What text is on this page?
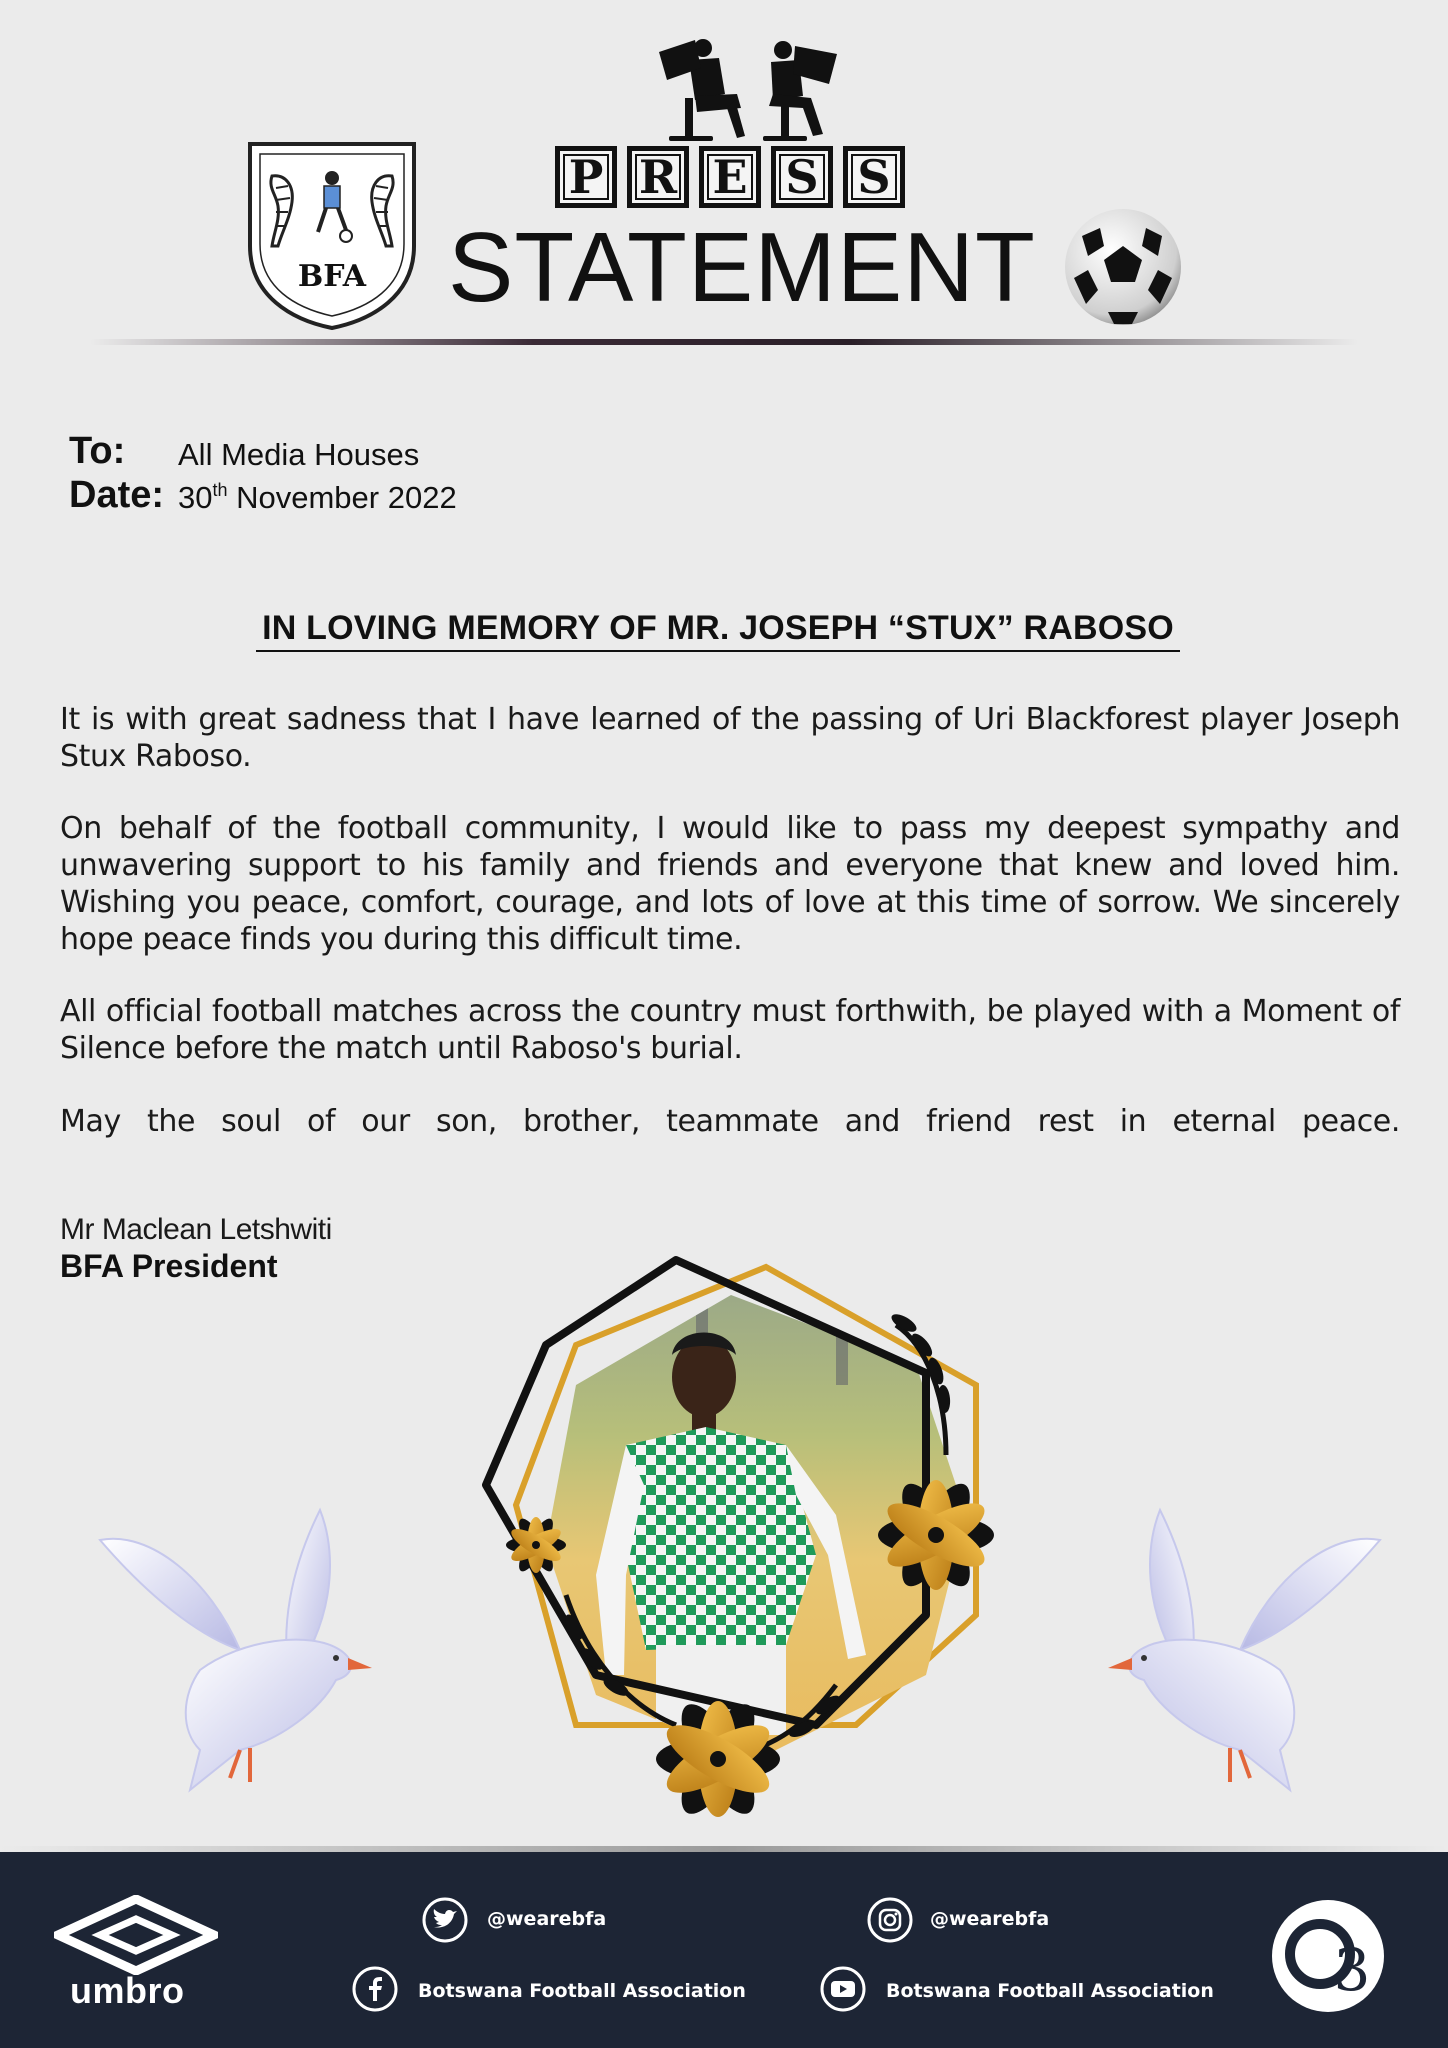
BFA
P R E S S
STATEMENT
To: All Media Houses
Date: 30th November 2022
IN LOVING MEMORY OF MR. JOSEPH “STUX” RABOSO
It is with great sadness that I have learned of the passing of Uri Blackforest player Joseph Stux Raboso.
On behalf of the football community, I would like to pass my deepest sympathy and unwavering support to his family and friends and everyone that knew and loved him. Wishing you peace, comfort, courage, and lots of love at this time of sorrow. We sincerely hope peace finds you during this difficult time.
All official football matches across the country must forthwith, be played with a Moment of Silence before the match until Raboso's burial.
May the soul of our son, brother, teammate and friend rest in eternal peace.
Mr Maclean Letshwiti
BFA President
umbro
@wearebfa	@wearebfa
Botswana Football Association	Botswana Football Association 3
